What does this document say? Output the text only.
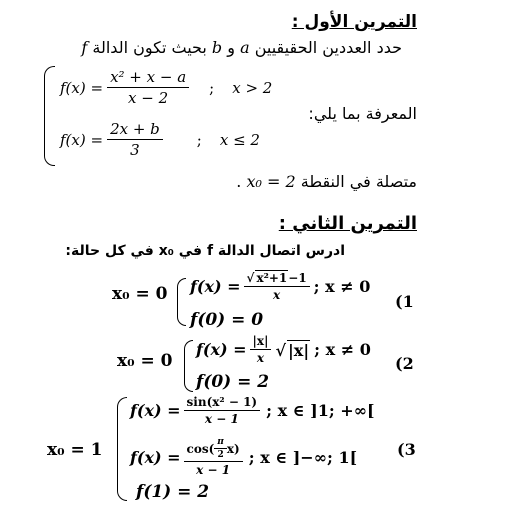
التمرين الأول :
حدد العددين الحقيقيين a و b بحيث تكون الدالة f
$f(x) = \frac{\text{x² + x − a}}{x - 2}$ ; x > 2
$f(x) = \frac{2x + b}{3}$ ; x ≤ 2
المعرفة بما يلي:
متصلة في النقطة x₀ = 2 .
التمرين الثاني :
ادرس اتصال الدالة f في x₀ في كل حالة:
x₀ = 0 $f(x) = \frac{\text{√ x²+1−1}}{x}$ ; x ≠ 0
f(0) = 0
(1
x₀ = 0
$f(x) = \frac{|x|}{x}$ √ |x| ; x ≠ 0
f(0) = 2
(2
x₀ = 1
$f(x) = \frac{\text{sin(x² − 1)}}{x - 1}$ ; x ∈ ]1; +∞[
$f(x) = \frac{\cos( \frac{\pi}{2} x)}{x - 1}$ ; x ∈ ]−∞; 1[
f(1) = 2
(3
